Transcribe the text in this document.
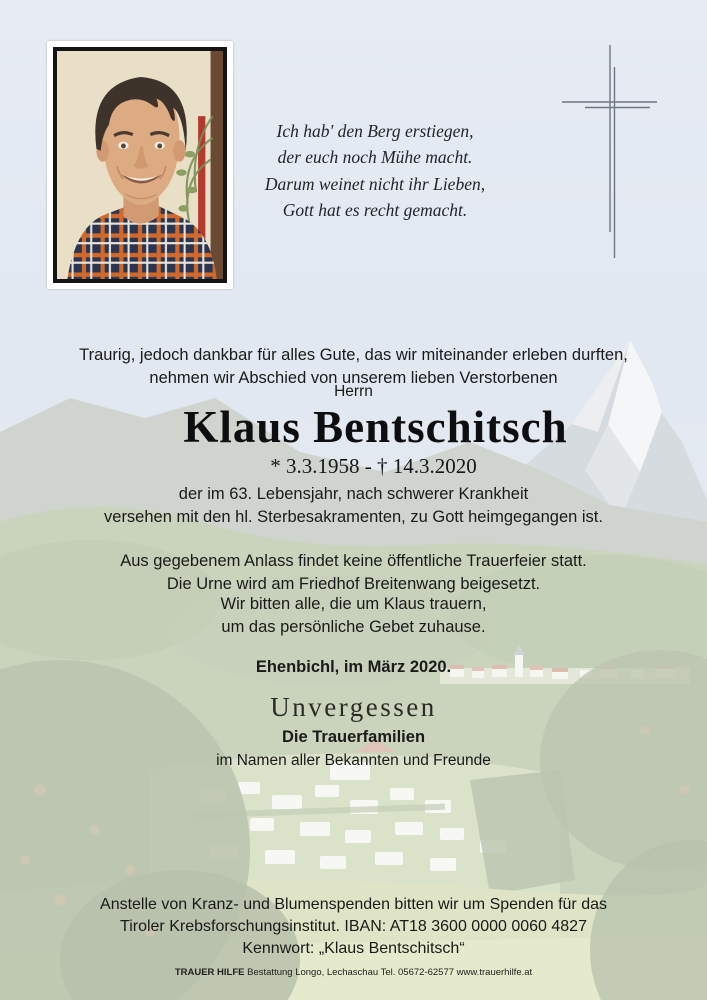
Ich hab' den Berg erstiegen,
der euch noch Mühe macht.
Darum weinet nicht ihr Lieben,
Gott hat es recht gemacht.
Traurig, jedoch dankbar für alles Gute, das wir miteinander erleben durften,
nehmen wir Abschied von unserem lieben Verstorbenen
Herrn
Klaus Bentschitsch
* 3.3.1958 - † 14.3.2020
der im 63. Lebensjahr, nach schwerer Krankheit
versehen mit den hl. Sterbesakramenten, zu Gott heimgegangen ist.
Aus gegebenem Anlass findet keine öffentliche Trauerfeier statt.
Die Urne wird am Friedhof Breitenwang beigesetzt.
Wir bitten alle, die um Klaus trauern,
um das persönliche Gebet zuhause.
Ehenbichl, im März 2020.
Unvergessen
Die Trauerfamilien
im Namen aller Bekannten und Freunde
Anstelle von Kranz- und Blumenspenden bitten wir um Spenden für das
Tiroler Krebsforschungsinstitut. IBAN: AT18 3600 0000 0060 4827
Kennwort: „Klaus Bentschitsch“
TRAUER HILFE Bestattung Longo, Lechaschau Tel. 05672-62577 www.trauerhilfe.at
